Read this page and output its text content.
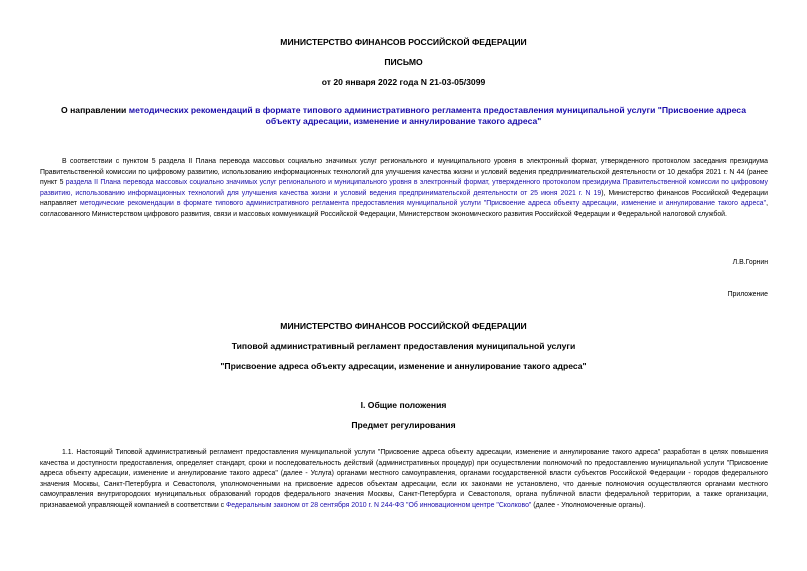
МИНИСТЕРСТВО ФИНАНСОВ РОССИЙСКОЙ ФЕДЕРАЦИИ
ПИСЬМО
от 20 января 2022 года N 21-03-05/3099
О направлении методических рекомендаций в формате типового административного регламента предоставления муниципальной услуги "Присвоение адреса
объекту адресации, изменение и аннулирование такого адреса"
В соответствии с пунктом 5 раздела II Плана перевода массовых социально значимых услуг регионального и муниципального уровня в электронный формат, утвержденного протоколом заседания президиума Правительственной комиссии по цифровому развитию, использованию информационных технологий для улучшения качества жизни и условий ведения предпринимательской деятельности от 10 декабря 2021 г. N 44 (ранее пункт 5 раздела II Плана перевода массовых социально значимых услуг регионального и муниципального уровня в электронный формат, утвержденного протоколом президиума Правительственной комиссии по цифровому развитию, использованию информационных технологий для улучшения качества жизни и условий ведения предпринимательской деятельности от 25 июня 2021 г. N 19), Министерство финансов Российской Федерации направляет методические рекомендации в формате типового административного регламента предоставления муниципальной услуги "Присвоение адреса объекту адресации, изменение и аннулирование такого адреса", согласованного Министерством цифрового развития, связи и массовых коммуникаций Российской Федерации, Министерством экономического развития Российской Федерации и Федеральной налоговой службой.
Л.В.Горнин
Приложение
МИНИСТЕРСТВО ФИНАНСОВ РОССИЙСКОЙ ФЕДЕРАЦИИ
Типовой административный регламент предоставления муниципальной услуги
"Присвоение адреса объекту адресации, изменение и аннулирование такого адреса"
I. Общие положения
Предмет регулирования
1.1. Настоящий Типовой административный регламент предоставления муниципальной услуги "Присвоение адреса объекту адресации, изменение и аннулирование такого адреса" разработан в целях повышения качества и доступности предоставления, определяет стандарт, сроки и последовательность действий (административных процедур) при осуществлении полномочий по предоставлению муниципальной услуги "Присвоение адреса объекту адресации, изменение и аннулирование такого адреса" (далее - Услуга) органами местного самоуправления, органами государственной власти субъектов Российской Федерации - городов федерального значения Москвы, Санкт-Петербурга и Севастополя, уполномоченными на присвоение адресов объектам адресации, если их законами не установлено, что данные полномочия осуществляются органами местного самоуправления внутригородских муниципальных образований городов федерального значения Москвы, Санкт-Петербурга и Севастополя, органа публичной власти федеральной территории, а также организации, признаваемой управляющей компанией в соответствии с Федеральным законом от 28 сентября 2010 г. N 244-ФЗ "Об инновационном центре "Сколково" (далее - Уполномоченные органы).
